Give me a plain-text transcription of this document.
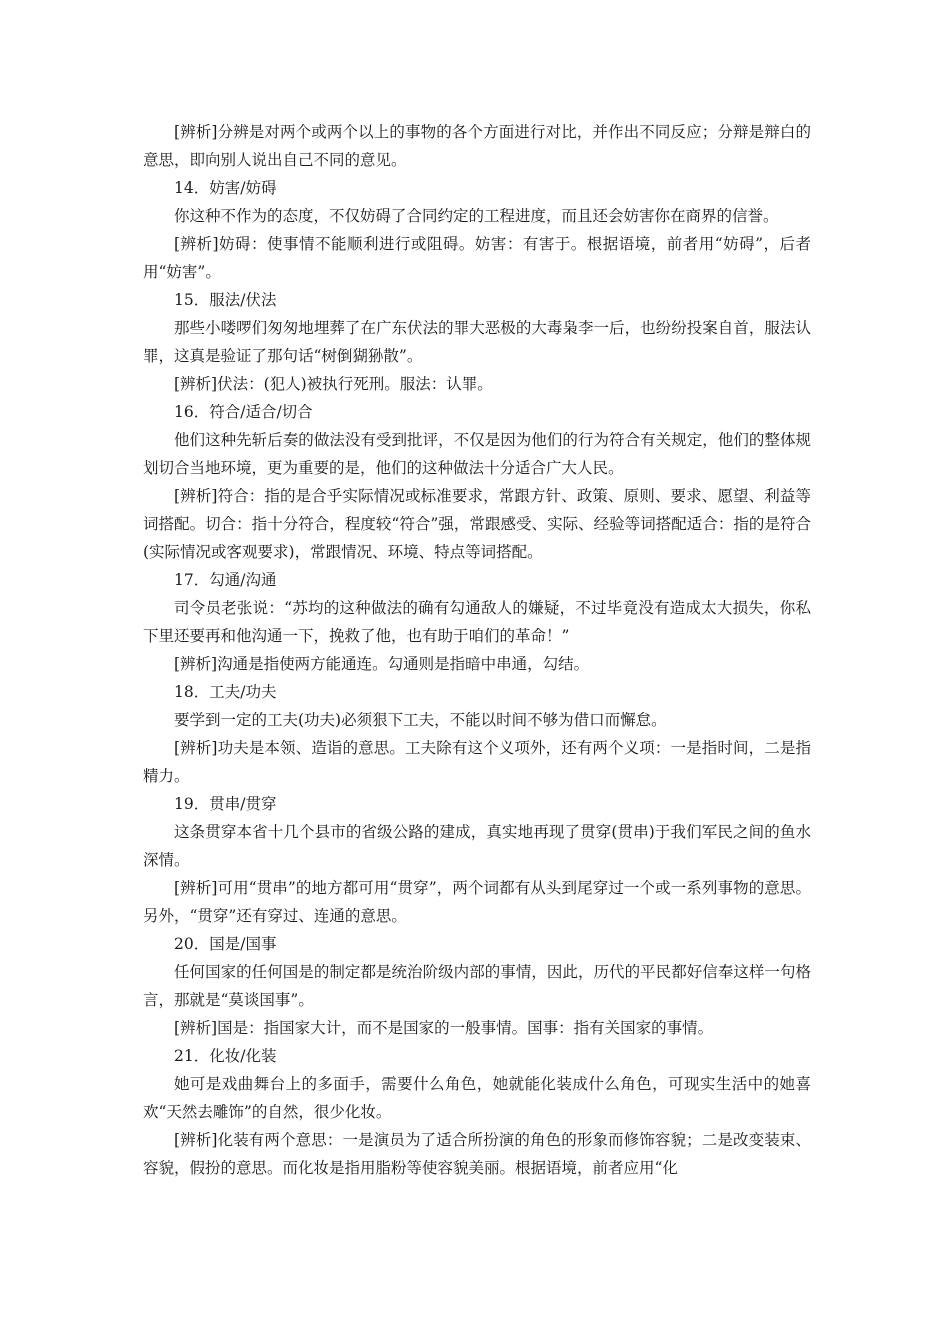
[辨析]分辨是对两个或两个以上的事物的各个方面进行对比，并作出不同反应；分辩是辩白的意思，即向别人说出自己不同的意见。

14．妨害/妨碍

你这种不作为的态度，不仅妨碍了合同约定的工程进度，而且还会妨害你在商界的信誉。

[辨析]妨碍：使事情不能顺利进行或阻碍。妨害：有害于。根据语境，前者用“妨碍”，后者用“妨害”。

15．服法/伏法

那些小喽啰们匆匆地埋葬了在广东伏法的罪大恶极的大毒枭李一后，也纷纷投案自首，服法认罪，这真是验证了那句话“树倒猢狲散”。

[辨析]伏法：(犯人)被执行死刑。服法：认罪。

16．符合/适合/切合

他们这种先斩后奏的做法没有受到批评，不仅是因为他们的行为符合有关规定，他们的整体规划切合当地环境，更为重要的是，他们的这种做法十分适合广大人民。

[辨析]符合：指的是合乎实际情况或标准要求，常跟方针、政策、原则、要求、愿望、利益等词搭配。切合：指十分符合，程度较“符合”强，常跟感受、实际、经验等词搭配适合：指的是符合(实际情况或客观要求)，常跟情况、环境、特点等词搭配。

17．勾通/沟通

司令员老张说：“苏均的这种做法的确有勾通敌人的嫌疑，不过毕竟没有造成太大损失，你私下里还要再和他沟通一下，挽救了他，也有助于咱们的革命！”

[辨析]沟通是指使两方能通连。勾通则是指暗中串通，勾结。

18．工夫/功夫

要学到一定的工夫(功夫)必须狠下工夫，不能以时间不够为借口而懈怠。

[辨析]功夫是本领、造诣的意思。工夫除有这个义项外，还有两个义项：一是指时间，二是指精力。

19．贯串/贯穿

这条贯穿本省十几个县市的省级公路的建成，真实地再现了贯穿(贯串)于我们军民之间的鱼水深情。

[辨析]可用“贯串”的地方都可用“贯穿”，两个词都有从头到尾穿过一个或一系列事物的意思。另外，“贯穿”还有穿过、连通的意思。

20．国是/国事

任何国家的任何国是的制定都是统治阶级内部的事情，因此，历代的平民都好信奉这样一句格言，那就是“莫谈国事”。

[辨析]国是：指国家大计，而不是国家的一般事情。国事：指有关国家的事情。

21．化妆/化装

她可是戏曲舞台上的多面手，需要什么角色，她就能化装成什么角色，可现实生活中的她喜欢“天然去雕饰”的自然，很少化妆。

[辨析]化装有两个意思：一是演员为了适合所扮演的角色的形象而修饰容貌；二是改变装束、容貌，假扮的意思。而化妆是指用脂粉等使容貌美丽。根据语境，前者应用“化
